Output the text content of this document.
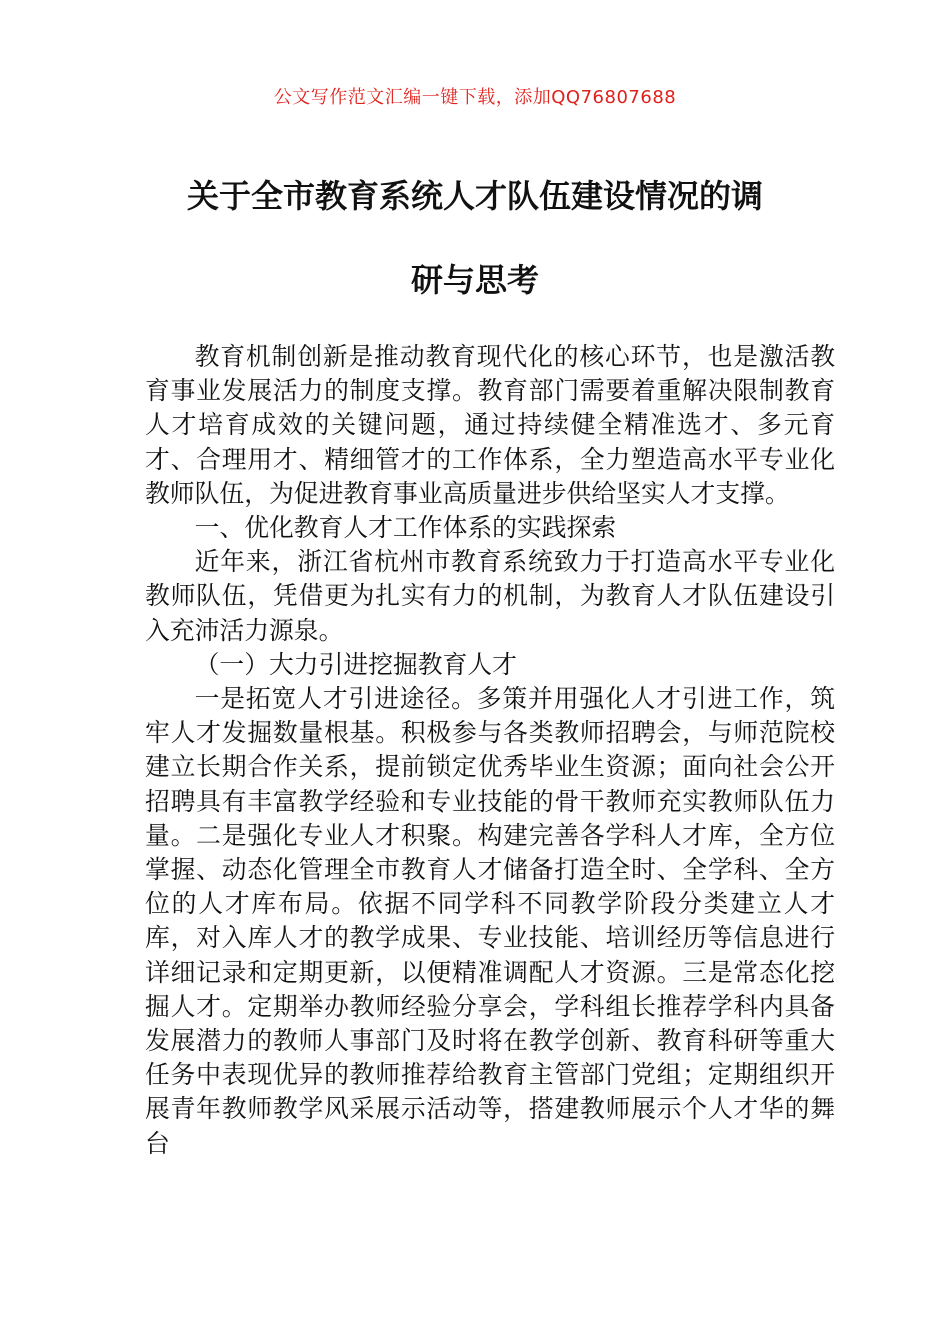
公文写作范文汇编一键下载，添加QQ76807688
关于全市教育系统人才队伍建设情况的调
研与思考

教育机制创新是推动教育现代化的核心环节，也是激活教育事业发展活力的制度支撑。教育部门需要着重解决限制教育人才培育成效的关键问题，通过持续健全精准选才、多元育才、合理用才、精细管才的工作体系，全力塑造高水平专业化教师队伍，为促进教育事业高质量进步供给坚实人才支撑。

一、优化教育人才工作体系的实践探索

近年来，浙江省杭州市教育系统致力于打造高水平专业化教师队伍，凭借更为扎实有力的机制，为教育人才队伍建设引入充沛活力源泉。

（一）大力引进挖掘教育人才

一是拓宽人才引进途径。多策并用强化人才引进工作，筑牢人才发掘数量根基。积极参与各类教师招聘会，与师范院校建立长期合作关系，提前锁定优秀毕业生资源；面向社会公开招聘具有丰富教学经验和专业技能的骨干教师充实教师队伍力量。二是强化专业人才积聚。构建完善各学科人才库，全方位掌握、动态化管理全市教育人才储备打造全时、全学科、全方位的人才库布局。依据不同学科不同教学阶段分类建立人才库，对入库人才的教学成果、专业技能、培训经历等信息进行详细记录和定期更新，以便精准调配人才资源。三是常态化挖掘人才。定期举办教师经验分享会，学科组长推荐学科内具备发展潜力的教师人事部门及时将在教学创新、教育科研等重大任务中表现优异的教师推荐给教育主管部门党组；定期组织开展青年教师教学风采展示活动等，搭建教师展示个人才华的舞台
